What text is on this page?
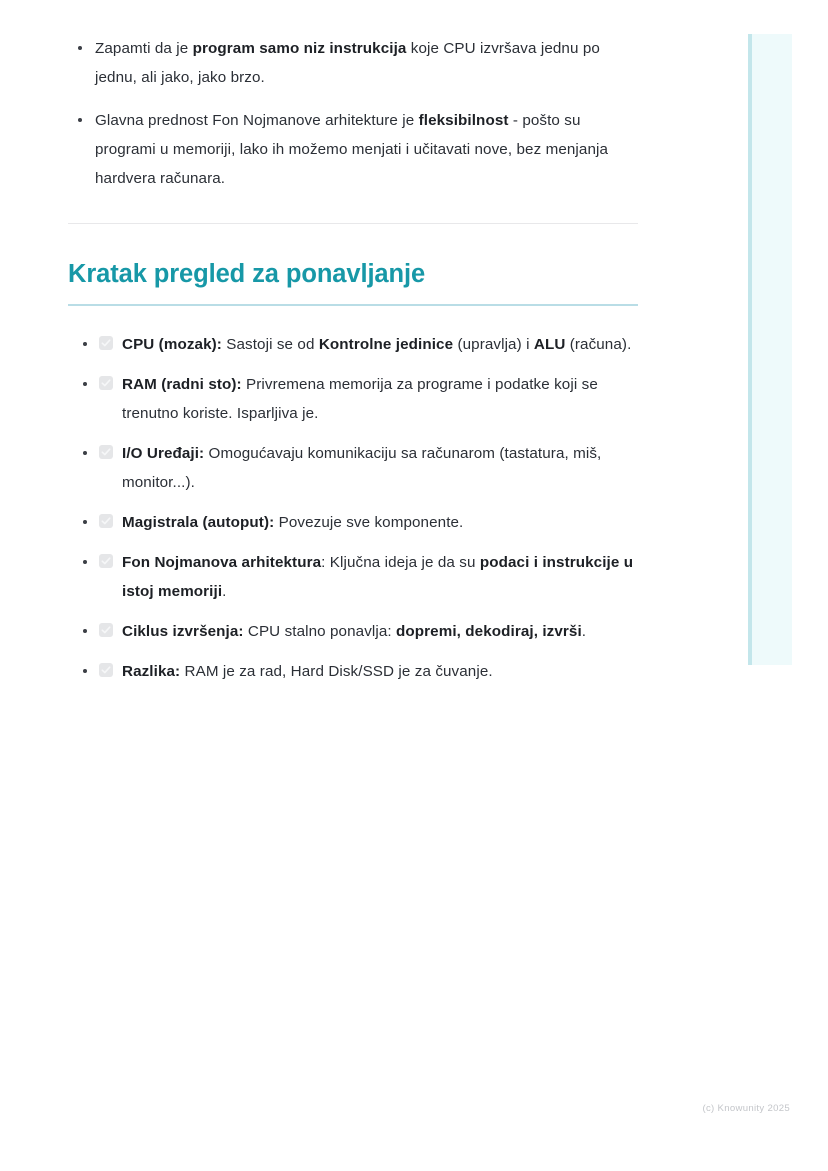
Zapamti da je program samo niz instrukcija koje CPU izvršava jednu po jednu, ali jako, jako brzo.
Glavna prednost Fon Nojmanove arhitekture je fleksibilnost - pošto su programi u memoriji, lako ih možemo menjati i učitavati nove, bez menjanja hardvera računara.
Kratak pregled za ponavljanje
CPU (mozak): Sastoji se od Kontrolne jedinice (upravlja) i ALU (računa).
RAM (radni sto): Privremena memorija za programe i podatke koji se trenutno koriste. Isparljiva je.
I/O Uređaji: Omogućavaju komunikaciju sa računarom (tastatura, miš, monitor...).
Magistrala (autoput): Povezuje sve komponente.
Fon Nojmanova arhitektura: Ključna ideja je da su podaci i instrukcije u istoj memoriji.
Ciklus izvršenja: CPU stalno ponavlja: dopremi, dekodiraj, izvrši.
Razlika: RAM je za rad, Hard Disk/SSD je za čuvanje.
(c) Knowunity 2025
